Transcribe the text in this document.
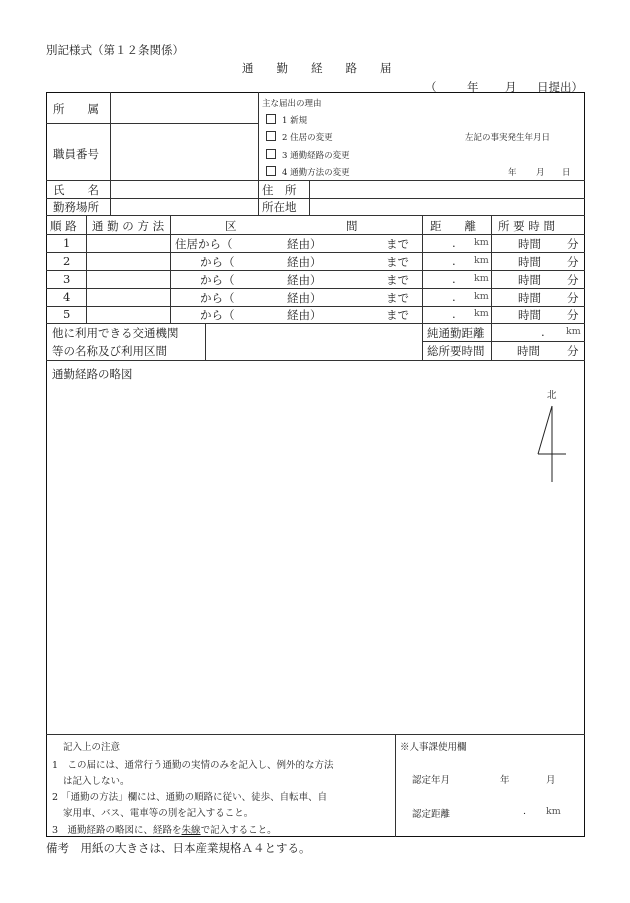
別記様式（第１２条関係）
通　　勤　　経　　路　　届
（	年 月 日提出）
所　　属
職員番号
主な届出の理由
1 新規
2 住居の変更
3 通勤経路の変更
4 通勤方法の変更
左記の事実発生年月日
年 月 日
氏　　名	住　所
勤務場所	所在地
順 路 通 勤 の 方 法	区	間	距　　離 所 要 時 間
1	住居から（	経由）	まで	. km	時間 分
2	から（	経由）	まで	. km	時間 分
3	から（	経由）	まで	. km	時間 分
4	から（	経由）	まで	. km	時間 分
5	から（	経由）	まで	. km	時間 分
他に利用できる交通機関
等の名称及び利用区間
純通勤距離	. km
総所要時間	時間 分
通勤経路の略図
北
記入上の注意
1　この届には、通常行う通勤の実情のみを記入し、例外的な方法
は記入しない。
2 「通勤の方法」欄には、通勤の順路に従い、徒歩、自転車、自
家用車、バス、電車等の別を記入すること。
3　通勤経路の略図に、経路を朱線で記入すること。
※人事課使用欄
認定年月	年	月
認定距離	. km
備考　用紙の大きさは、日本産業規格Ａ４とする。
